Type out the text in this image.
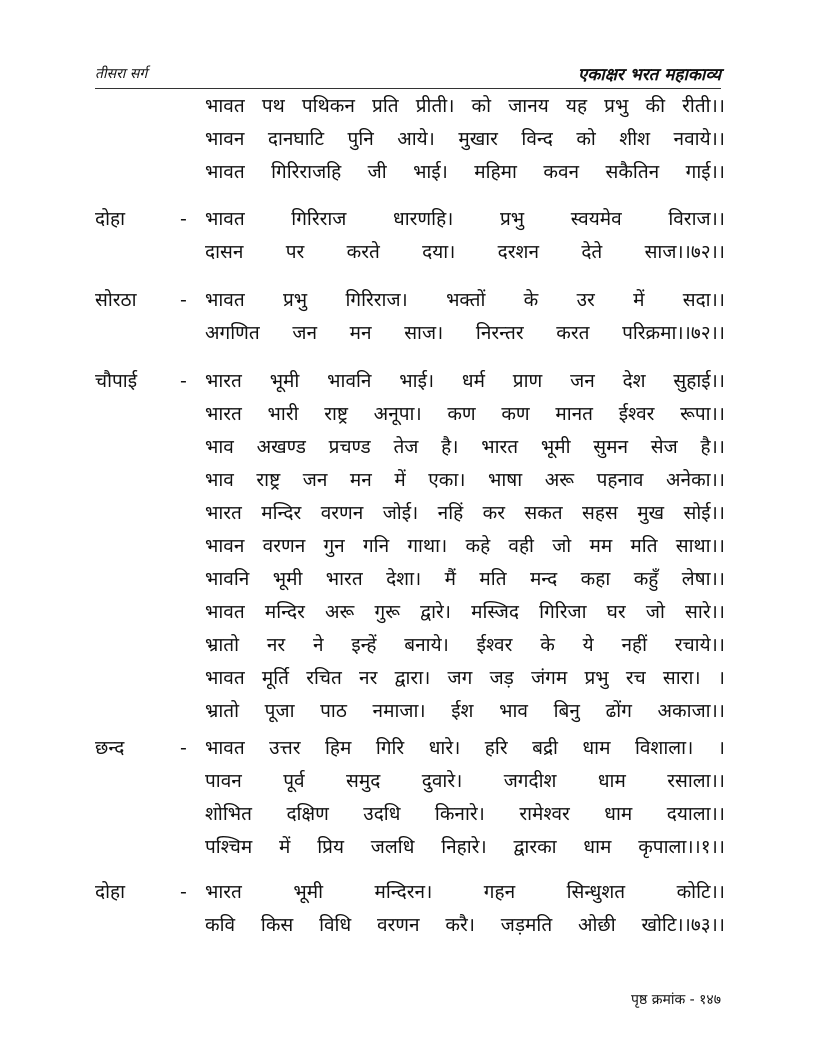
तीसरा सर्ग	एकाक्षर भरत महाकाव्य
भावत पथ पथिकन प्रति प्रीती। को जानय यह प्रभु की रीती।।
भावन दानघाटि पुनि आये। मुखार विन्द को शीश नवाये।।
भावत गिरिराजहि जी भाई। महिमा कवन सकैतिन गाई।।
दोहा	- भावत गिरिराज धारणहि। प्रभु स्वयमेव विराज।।
दासन पर करते दया। दरशन देते साज।।७२।।
सोरठा	- भावत प्रभु गिरिराज। भक्तों के उर में सदा।।
अगणित जन मन साज। निरन्तर करत परिक्रमा।।७२।।
चौपाई	- भारत भूमी भावनि भाई। धर्म प्राण जन देश सुहाई।।
भारत भारी राष्ट्र अनूपा। कण कण मानत ईश्वर रूपा।।
भाव अखण्ड प्रचण्ड तेज है। भारत भूमी सुमन सेज है।।
भाव राष्ट्र जन मन में एका। भाषा अरू पहनाव अनेका।।
भारत मन्दिर वरणन जोई। नहिं कर सकत सहस मुख सोई।।
भावन वरणन गुन गनि गाथा। कहे वही जो मम मति साथा।।
भावनि भूमी भारत देशा। मैं मति मन्द कहा कहुँ लेषा।।
भावत मन्दिर अरू गुरू द्वारे। मस्जिद गिरिजा घर जो सारे।।
भ्रातो नर ने इन्हें बनाये। ईश्वर के ये नहीं रचाये।।
भावत मूर्ति रचित नर द्वारा। जग जड़ जंगम प्रभु रच सारा। ।
भ्रातो पूजा पाठ नमाजा। ईश भाव बिनु ढोंग अकाजा।।
छन्द	- भावत उत्तर हिम गिरि धारे। हरि बद्री धाम विशाला। ।
पावन पूर्व समुद दुवारे। जगदीश धाम रसाला।।
शोभित दक्षिण उदधि किनारे। रामेश्वर धाम दयाला।।
पश्चिम में प्रिय जलधि निहारे। द्वारका धाम कृपाला।।१।।
दोहा	- भारत भूमी मन्दिरन। गहन सिन्धुशत कोटि।।
कवि किस विधि वरणन करै। जड़मति ओछी खोटि।।७३।।
पृष्ठ क्रमांक - १४७
